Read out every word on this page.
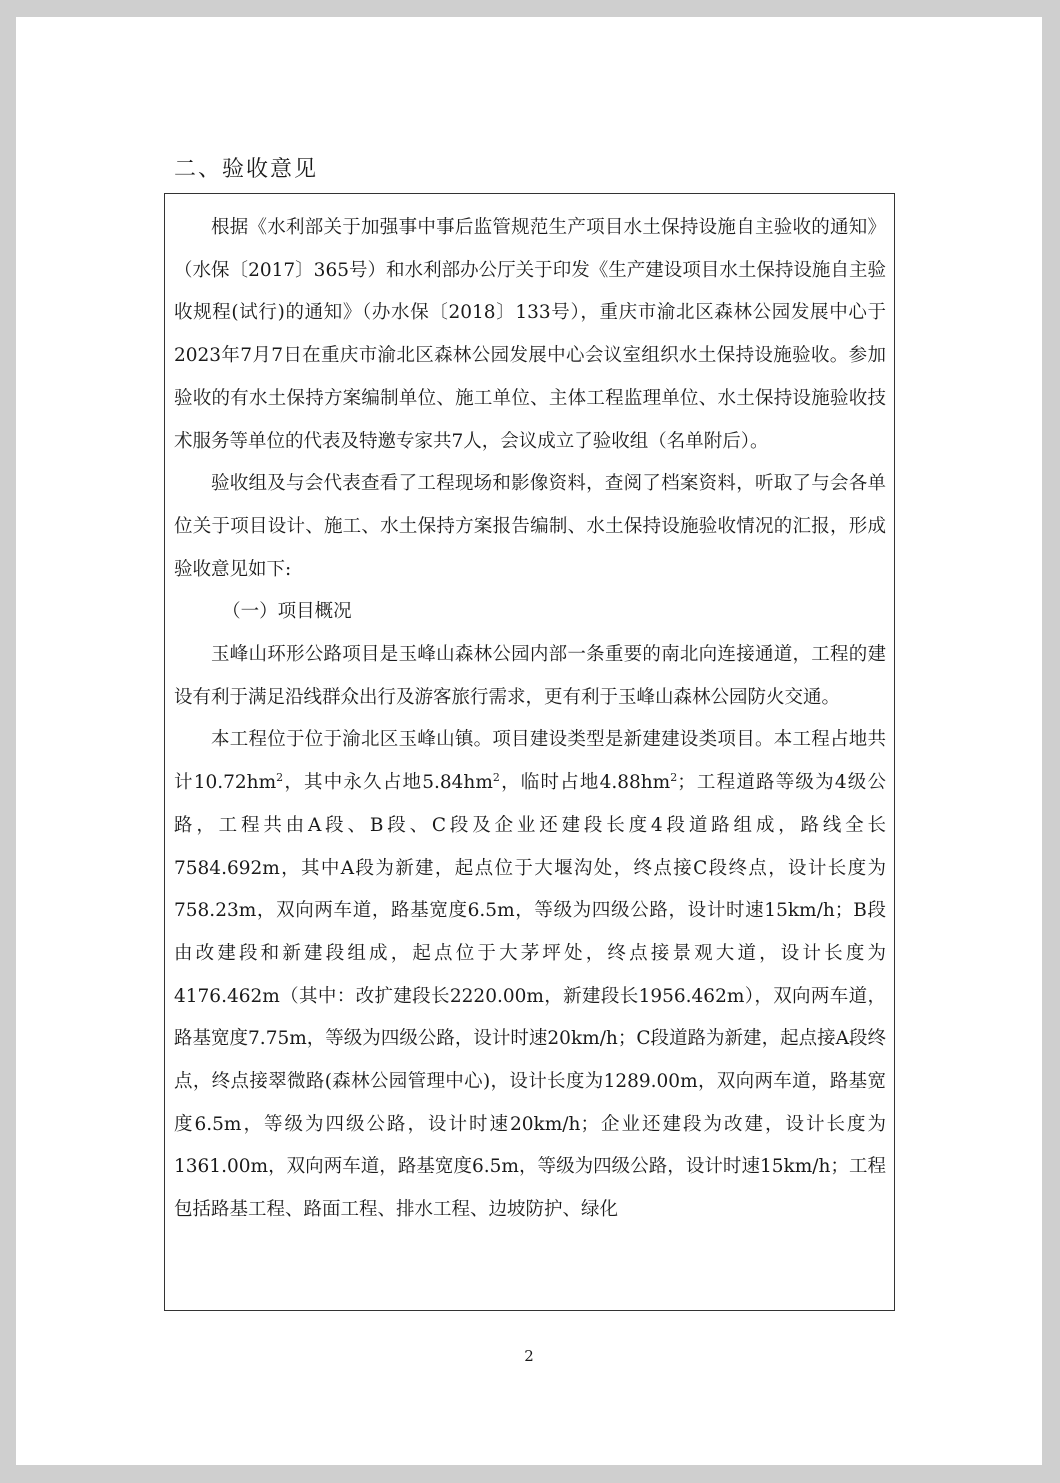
二、验收意见

根据《水利部关于加强事中事后监管规范生产项目水土保持设施自主验收的通知》（水保〔2017〕365号）和水利部办公厅关于印发《生产建设项目水土保持设施自主验收规程(试行)的通知》（办水保〔2018〕133号），重庆市渝北区森林公园发展中心于2023年7月7日在重庆市渝北区森林公园发展中心会议室组织水土保持设施验收。参加验收的有水土保持方案编制单位、施工单位、主体工程监理单位、水土保持设施验收技术服务等单位的代表及特邀专家共7人，会议成立了验收组（名单附后）。

验收组及与会代表查看了工程现场和影像资料，查阅了档案资料，听取了与会各单位关于项目设计、施工、水土保持方案报告编制、水土保持设施验收情况的汇报，形成验收意见如下:

（一）项目概况

玉峰山环形公路项目是玉峰山森林公园内部一条重要的南北向连接通道，工程的建设有利于满足沿线群众出行及游客旅行需求，更有利于玉峰山森林公园防火交通。

本工程位于位于渝北区玉峰山镇。项目建设类型是新建建设类项目。本工程占地共计$10.72hm^2$，其中永久占地$5.84hm^2$，临时占地$4.88hm^2$；工程道路等级为4级公路，工程共由A段、B段、C段及企业还建段长度4段道路组成，路线全长7584.692m，其中A段为新建，起点位于大堰沟处，终点接C段终点，设计长度为758.23m，双向两车道，路基宽度6.5m，等级为四级公路，设计时速15km/h；B段由改建段和新建段组成，起点位于大茅坪处，终点接景观大道，设计长度为4176.462m（其中：改扩建段长2220.00m，新建段长1956.462m），双向两车道，路基宽度7.75m，等级为四级公路，设计时速20km/h；C段道路为新建，起点接A段终点，终点接翠微路(森林公园管理中心)，设计长度为1289.00m，双向两车道，路基宽度6.5m，等级为四级公路，设计时速20km/h；企业还建段为改建，设计长度为1361.00m，双向两车道，路基宽度6.5m，等级为四级公路，设计时速15km/h；工程包括路基工程、路面工程、排水工程、边坡防护、绿化

2
